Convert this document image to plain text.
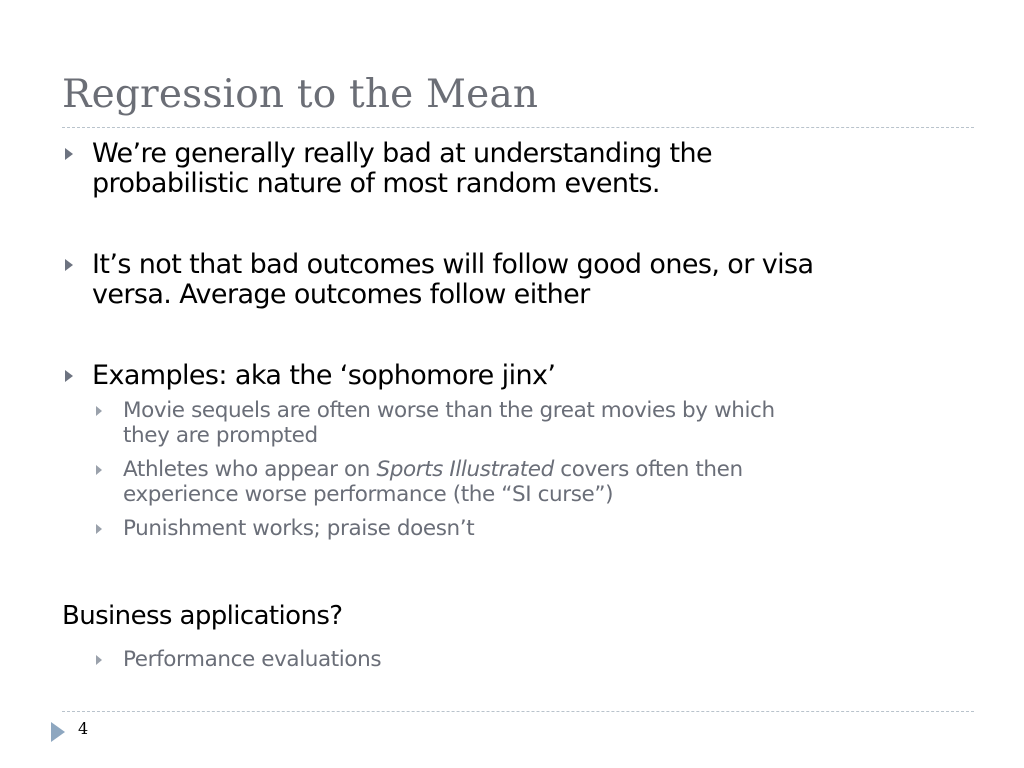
Regression to the Mean
We’re generally really bad at understanding the
probabilistic nature of most random events.
It’s not that bad outcomes will follow good ones, or visa
versa. Average outcomes follow either
Examples: aka the ‘sophomore jinx’
Movie sequels are often worse than the great movies by which
they are prompted
Athletes who appear on Sports Illustrated covers often then
experience worse performance (the “SI curse”)
Punishment works; praise doesn’t
Business applications?
Performance evaluations
4
